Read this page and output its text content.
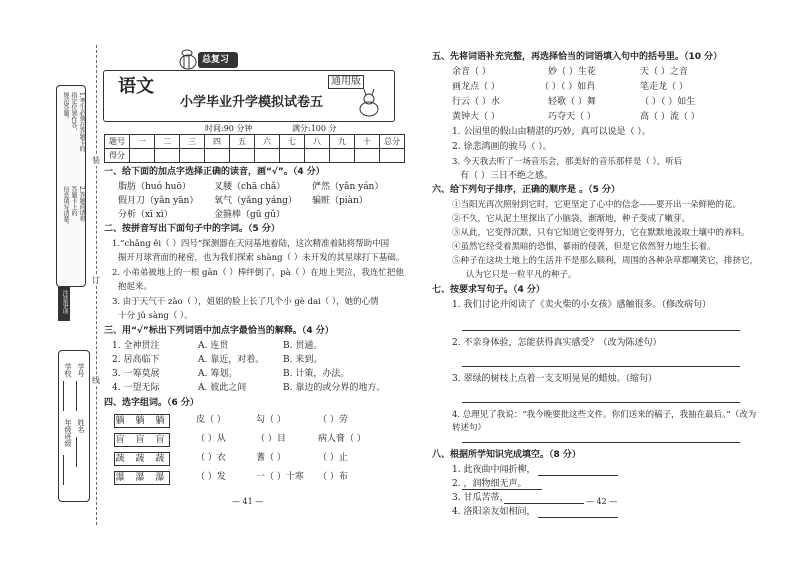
1.考生必须在答题卡的
指定位置作答，
规范答题。
2.答题前请将
答题卡上的
信息填写清楚。
注意事项
装
订
线
学号
姓名
学校
年级班级
语文	通用版
小学毕业升学模拟试卷五
总复习
时间:90 分钟	满分:100 分
题号	一	二	三	四	五	六	七	八	九	十	总分
得分											
一、给下面的加点字选择正确的读音，画“√”。（4 分）
脂肪（huó huō）	叉腰（chā chǎ）	俨然（yǎn yán）
假月刀（yǎn yān） 氧气（yǎng yáng） 骗赃（piàn）
分析（xī xì）	金箍棒（gū gǔ）
二、按拼音写出下面句子中的字词。（5 分）
1.“chǎng ěi（ ）四号”探测器在天问基地着陆，这次精准着陆将帮助中国
掘开月球背面的秘密，也为我们探索 shàng（ ）未开发的其星球打下基础。
2. 小弟弟被地上的一根 gān（ ）棒绊倒了，pà（ ）在地上哭泣，我连忙把他
抱起来。
3. 由于天气干 zào（ ），姐姐的脸上长了几个小 gè dai（ ），她的心情
十分 jǔ sàng（ ）。
三、用“√”标出下列词语中加点字最恰当的解释。（4 分）
1. 全神贯注	A. 连贯	B. 贯通。
2. 居高临下	A. 靠近，对着。 B. 来到。
3. 一筹莫展	A. 筹划。	B. 计策，办法。
4. 一望无际	A. 彼此之间	B. 靠边的或分界的地方。
四、选字组词。（6 分）
躺 躺 躺
盲 盲 盲
蔬 蔬 蔬
瀑 瀑 瀑
皮（ ）	勾（ ）	（ ）劳
（ ）从	（ ）目	病人膏（ ）
（ ）衣	蓍（ ）	（ ）止
（ ）发	一（ ）十寒 （ ）布
— 41 —
五、先将词语补充完整，再选择恰当的词语填入句中的括号里。（10 分）
余音（ ）	妙（ ）生花	天（ ）之音
画龙点（ ）	（ ）（ ）如肖	笔走龙（ ）
行云（ ）水	轻歌（ ）舞	（ ）（ ）如生
黄钟大（ ）	巧夺天（ ）	高（ ）流（ ）
1. 公园里的假山由精湛的巧妙，真可以说是（ ）。
2. 徐悲鸿画的骏马（ ）。
3. 今天我去听了一场音乐会，那美好的音乐那样是（ ），听后
有（ ）三日不绝之感。
六、给下列句子排序，正确的顺序是 。（5 分）
①当阳光再次照射到它时，它更坚定了心中的信念——要开出一朵鲜艳的花。
②不久，它从泥土里探出了小脑袋，渐渐地，种子变成了嫩芽。
③从此，它变得沉默，只有它知道它变得努力，它在默默地汲取土壤中的养料。
④虽然它经受着黑暗的恐惧，暴雨的侵袭，但是它依然努力地生长着。
⑤种子在这块土地上的生活并不是那么顺利，周围的各种杂草都嘲笑它，排挤它，
认为它只是一粒平凡的种子。
七、按要求写句子。（4 分）
1. 我们讨论并阅读了《卖火柴的小女孩》感触很多。（修改病句）
2. 不亲身体验，怎能获得真实感受？（改为陈述句）
3. 翠绿的树枝上点着一支支明晃晃的蜡烛。（缩句）
4. 总理见了我说：“我今晚要批这些文件。你们送来的稿子，我抽在最后。”（改为
转述句）
八、根据所学知识完成填空。（8 分）
1. 此夜曲中闻折柳，
2. ，润物细无声。
3. 甘瓜苦蒂，
4. 洛阳亲友如相问，
— 42 —
